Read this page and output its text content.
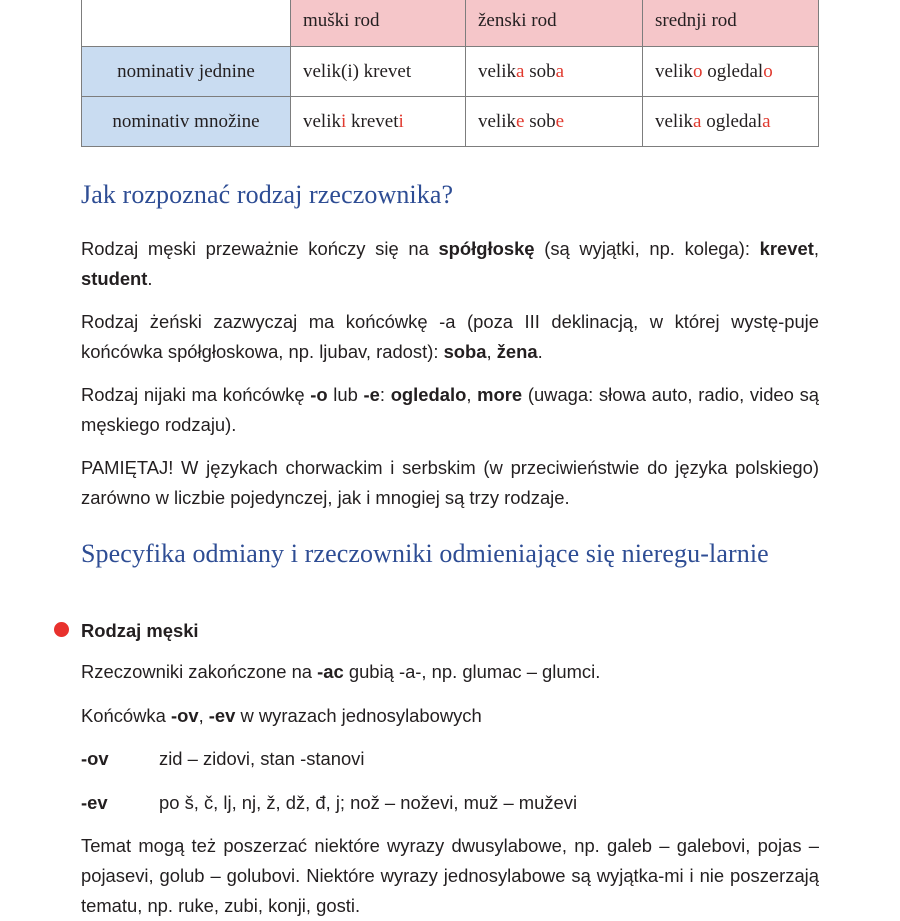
	muški rod	ženski rod	srednji rod
nominativ jednine	velik(i) krevet	velika soba	veliko ogledalo
nominativ množine	veliki kreveti	velike sobe	velika ogledala
Jak rozpoznać rodzaj rzeczownika?

Rodzaj męski przeważnie kończy się na spółgłoskę (są wyjątki, np. kolega): krevet, student.

Rodzaj żeński zazwyczaj ma końcówkę -a (poza III deklinacją, w której wystę-puje końcówka spółgłoskowa, np. ljubav, radost): soba, žena.

Rodzaj nijaki ma końcówkę -o lub -e: ogledalo, more (uwaga: słowa auto, radio, video są męskiego rodzaju).

PAMIĘTAJ! W językach chorwackim i serbskim (w przeciwieństwie do języka polskiego) zarówno w liczbie pojedynczej, jak i mnogiej są trzy rodzaje.

Specyfika odmiany i rzeczowniki odmieniające się nieregu-larnie

Rodzaj męski

Rzeczowniki zakończone na -ac gubią -a-, np. glumac – glumci.

Końcówka -ov, -ev w wyrazach jednosylabowych

-ov	zid – zidovi, stan -stanovi
-ev	po š, č, lj, nj, ž, dž, đ, j; nož – noževi, muž – muževi

Temat mogą też poszerzać niektóre wyrazy dwusylabowe, np. galeb – galebovi, pojas – pojasevi, golub – golubovi. Niektóre wyrazy jednosylabowe są wyjątka-mi i nie poszerzają tematu, np. ruke, zubi, konji, gosti.
